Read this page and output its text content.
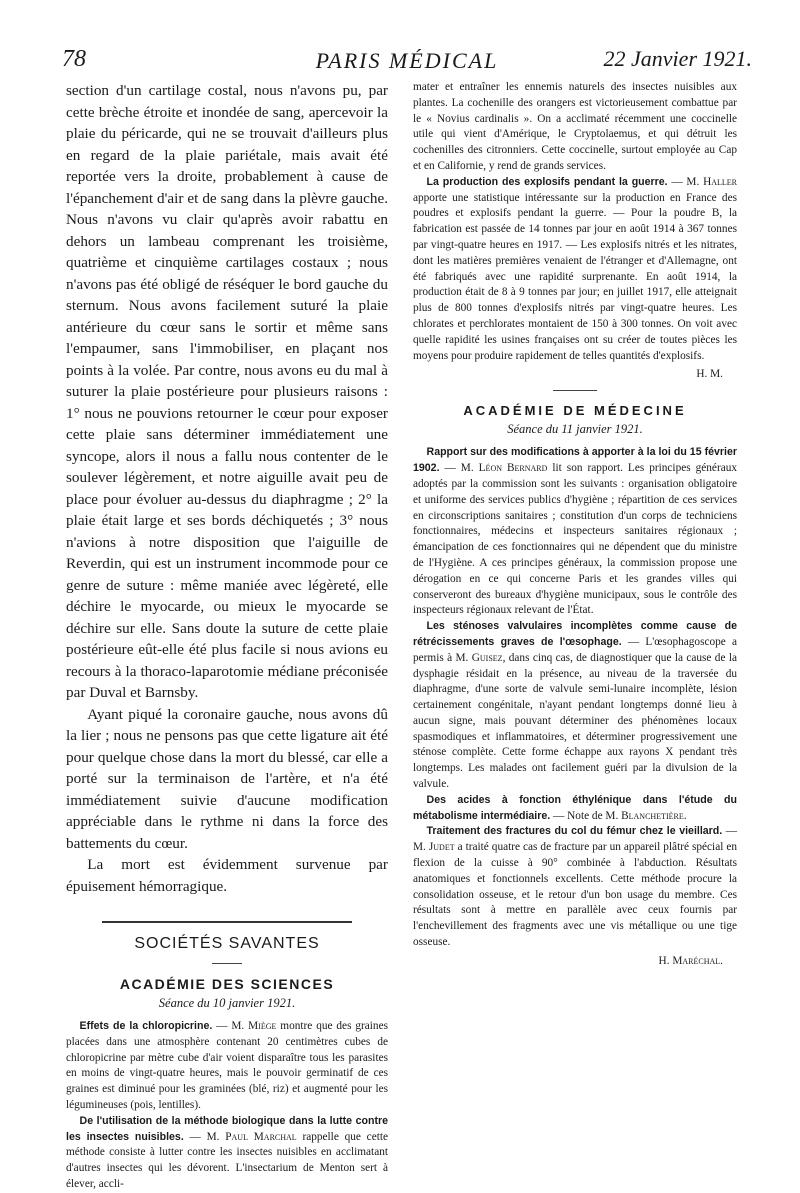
78	PARIS MÉDICAL	22 Janvier 1921.

section d'un cartilage costal, nous n'avons pu, par cette brèche étroite et inondée de sang, apercevoir la plaie du péricarde, qui ne se trouvait d'ailleurs plus en regard de la plaie pariétale, mais avait été reportée vers la droite, probablement à cause de l'épanchement d'air et de sang dans la plèvre gauche. Nous n'avons vu clair qu'après avoir rabattu en dehors un lambeau comprenant les troisième, quatrième et cinquième cartilages costaux ; nous n'avons pas été obligé de réséquer le bord gauche du sternum. Nous avons facilement suturé la plaie antérieure du cœur sans le sortir et même sans l'empaumer, sans l'immobiliser, en plaçant nos points à la volée. Par contre, nous avons eu du mal à suturer la plaie postérieure pour plusieurs raisons : 1° nous ne pouvions retourner le cœur pour exposer cette plaie sans déterminer immédiatement une syncope, alors il nous a fallu nous contenter de le soulever légèrement, et notre aiguille avait peu de place pour évoluer au-dessus du diaphragme ; 2° la plaie était large et ses bords déchiquetés ; 3° nous n'avions à notre disposition que l'aiguille de Reverdin, qui est un instrument incommode pour ce genre de suture : même maniée avec légèreté, elle déchire le myocarde, ou mieux le myocarde se déchire sur elle. Sans doute la suture de cette plaie postérieure eût-elle été plus facile si nous avions eu recours à la thoraco-laparotomie médiane préconisée par Duval et Barnsby.

Ayant piqué la coronaire gauche, nous avons dû la lier ; nous ne pensons pas que cette ligature ait été pour quelque chose dans la mort du blessé, car elle a porté sur la terminaison de l'artère, et n'a été immédiatement suivie d'aucune modification appréciable dans le rythme ni dans la force des battements du cœur.

La mort est évidemment survenue par épuisement hémorragique.

SOCIÉTÉS SAVANTES
ACADÉMIE DES SCIENCES
Séance du 10 janvier 1921.

Effets de la chloropicrine. — M. Miège montre que des graines placées dans une atmosphère contenant 20 centimètres cubes de chloropicrine par mètre cube d'air voient disparaître tous les parasites en moins de vingt-quatre heures, mais le pouvoir germinatif de ces graines est diminué pour les graminées (blé, riz) et augmenté pour les légumineuses (pois, lentilles).

De l'utilisation de la méthode biologique dans la lutte contre les insectes nuisibles. — M. Paul Marchal rappelle que cette méthode consiste à lutter contre les insectes nuisibles en acclimatant d'autres insectes qui les dévorent. L'insectarium de Menton sert à élever, accli-

mater et entraîner les ennemis naturels des insectes nuisibles aux plantes. La cochenille des orangers est victorieusement combattue par le « Novius cardinalis ». On a acclimaté récemment une coccinelle utile qui vient d'Amérique, le Cryptolaemus, et qui détruit les cochenilles des citronniers. Cette coccinelle, surtout employée au Cap et en Californie, y rend de grands services.

La production des explosifs pendant la guerre. — M. Haller apporte une statistique intéressante sur la production en France des poudres et explosifs pendant la guerre. — Pour la poudre B, la fabrication est passée de 14 tonnes par jour en août 1914 à 367 tonnes par vingt-quatre heures en 1917. — Les explosifs nitrés et les nitrates, dont les matières premières venaient de l'étranger et d'Allemagne, ont été fabriqués avec une rapidité surprenante. En août 1914, la production était de 8 à 9 tonnes par jour; en juillet 1917, elle atteignait plus de 800 tonnes d'explosifs nitrés par vingt-quatre heures. Les chlorates et perchlorates montaient de 150 à 300 tonnes. On voit avec quelle rapidité les usines françaises ont su créer de toutes pièces les moyens pour produire rapidement de telles quantités d'explosifs.

H. M.
ACADÉMIE DE MÉDECINE
Séance du 11 janvier 1921.

Rapport sur des modifications à apporter à la loi du 15 février 1902. — M. Léon Bernard lit son rapport. Les principes généraux adoptés par la commission sont les suivants : organisation obligatoire et uniforme des services publics d'hygiène ; répartition de ces services en circonscriptions sanitaires ; constitution d'un corps de techniciens fonctionnaires, médecins et inspecteurs sanitaires régionaux ; émancipation de ces fonctionnaires qui ne dépendent que du ministre de l'Hygiène. A ces principes généraux, la commission propose une dérogation en ce qui concerne Paris et les grandes villes qui conserveront des bureaux d'hygiène municipaux, sous le contrôle des inspecteurs régionaux relevant de l'État.

Les sténoses valvulaires incomplètes comme cause de rétrécissements graves de l'œsophage. — L'œsophagoscope a permis à M. Guisez, dans cinq cas, de diagnostiquer que la cause de la dysphagie résidait en la présence, au niveau de la traversée du diaphragme, d'une sorte de valvule semi-lunaire incomplète, lésion certainement congénitale, n'ayant pendant longtemps donné lieu à aucun signe, mais pouvant déterminer des phénomènes locaux spasmodiques et inflammatoires, et déterminer progressivement une sténose complète. Cette forme échappe aux rayons X pendant très longtemps. Les malades ont facilement guéri par la divulsion de la valvule.

Des acides à fonction éthylénique dans l'étude du métabolisme intermédiaire. — Note de M. Blanchetière.

Traitement des fractures du col du fémur chez le vieillard. — M. Judet a traité quatre cas de fracture par un appareil plâtré spécial en flexion de la cuisse à 90° combinée à l'abduction. Résultats anatomiques et fonctionnels excellents. Cette méthode procure la consolidation osseuse, et le retour d'un bon usage du membre. Ces résultats sont à mettre en parallèle avec ceux fournis par l'enchevillement des fragments avec une vis métallique ou une tige osseuse.

H. Maréchal.
